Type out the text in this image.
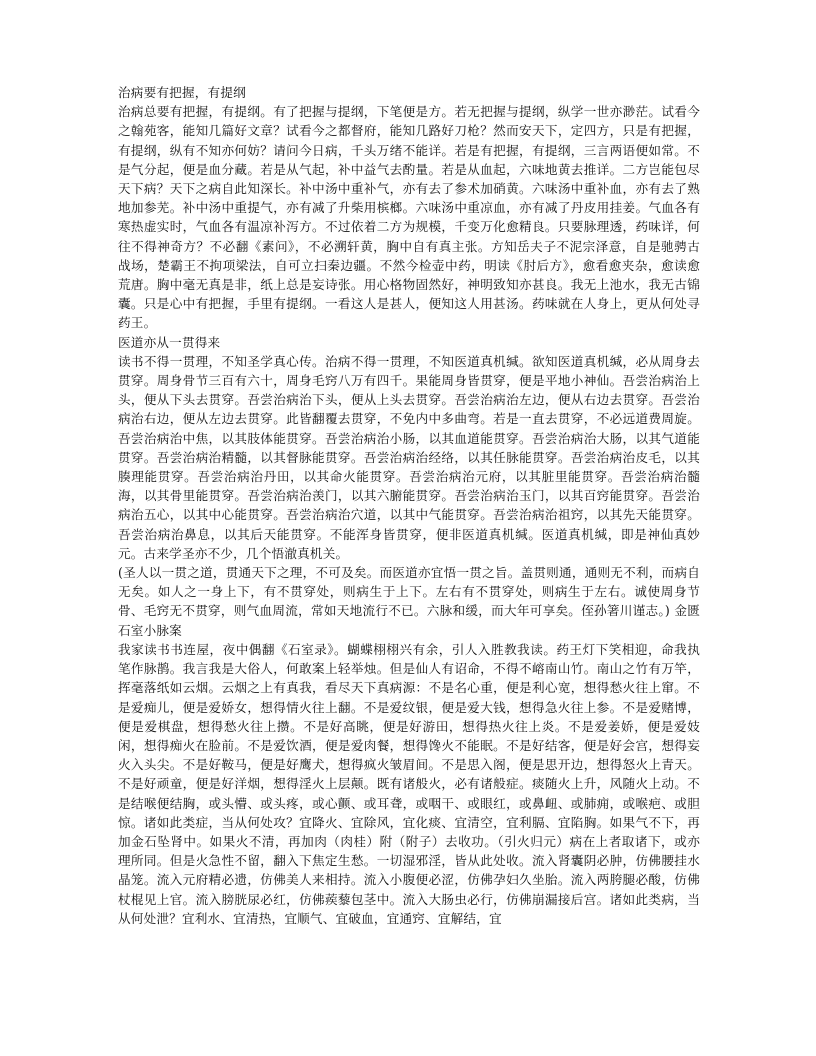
治病要有把握，有提纲

治病总要有把握，有提纲。有了把握与提纲，下笔便是方。若无把握与提纲，纵学一世亦渺茫。试看今之翰苑客，能知几篇好文章？试看今之都督府，能知几路好刀枪？然而安天下，定四方，只是有把握，有提纲，纵有不知亦何妨？请问今日病，千头万绪不能详。若是有把握，有提纲，三言两语便如常。不是气分起，便是血分藏。若是从气起，补中益气去酌量。若是从血起，六味地黄去推详。二方岂能包尽天下病？天下之病自此知深长。补中汤中重补气，亦有去了参术加硝黄。六味汤中重补血，亦有去了熟地加参芜。补中汤中重提气，亦有减了升柴用槟榔。六味汤中重凉血，亦有减了丹皮用挂姜。气血各有寒热虚实时，气血各有温凉补泻方。不过依着二方为规模，千变万化愈精良。只要脉理透，药味详，何往不得神奇方？不必翻《素问》，不必溯轩黄，胸中自有真主张。方知岳夫子不泥宗泽意，自是驰骋古战场，楚霸王不拘项梁法，自可立扫秦边疆。不然今检壶中药，明读《肘后方》，愈看愈夹杂，愈读愈荒唐。胸中毫无真是非，纸上总是妄诗张。用心格物固然好，神明致知亦甚良。我无上池水，我无古锦囊。只是心中有把握，手里有提纲。一看这人是甚人，便知这人用甚汤。药味就在人身上，更从何处寻药王。

医道亦从一贯得来

读书不得一贯理，不知圣学真心传。治病不得一贯理，不知医道真机缄。欲知医道真机缄，必从周身去贯穿。周身骨节三百有六十，周身毛窍八万有四千。果能周身皆贯穿，便是平地小神仙。吾尝治病治上头，便从下头去贯穿。吾尝治病治下头，便从上头去贯穿。吾尝治病治左边，便从右边去贯穿。吾尝治病治右边，便从左边去贯穿。此皆翻覆去贯穿，不免内中多曲弯。若是一直去贯穿，不必远道费周旋。吾尝治病治中焦，以其肢体能贯穿。吾尝治病治小肠，以其血道能贯穿。吾尝治病治大肠，以其气道能贯穿。吾尝治病治精髓，以其督脉能贯穿。吾尝治病治经络，以其任脉能贯穿。吾尝治病治皮毛，以其腠理能贯穿。吾尝治病治丹田，以其命火能贯穿。吾尝治病治元府，以其脏里能贯穿。吾尝治病治髓海，以其骨里能贯穿。吾尝治病治羡门，以其六腑能贯穿。吾尝治病治玉门，以其百窍能贯穿。吾尝治病治五心，以其中心能贯穿。吾尝治病治穴道，以其中气能贯穿。吾尝治病治祖窍，以其先天能贯穿。吾尝治病治鼻息，以其后天能贯穿。不能浑身皆贯穿，便非医道真机缄。医道真机缄，即是神仙真妙元。古来学圣亦不少，几个悟澈真机关。

(圣人以一贯之道，贯通天下之理，不可及矣。而医道亦宜悟一贯之旨。盖贯则通，通则无不利，而病自无矣。如人之一身上下，有不贯穿处，则病生于上下。左右有不贯穿处，则病生于左右。诚使周身节骨、毛窍无不贯穿，则气血周流，常如天地流行不已。六脉和缓，而大年可享矣。侄孙箸川谨志。) 金匮石室小脉案

我家读书书连屋，夜中偶翻《石室录》。蝴蝶栩栩兴有余，引人入胜教我读。药王灯下笑相迎，命我执笔作脉鹊。我言我是大俗人，何敢案上轻举烛。但是仙人有诏命，不得不嵱南山竹。南山之竹有万竿，挥毫落纸如云烟。云烟之上有真我，看尽天下真病源：不是名心重，便是利心宽，想得愁火往上窜。不是爱痴儿，便是爱娇女，想得情火往上翻。不是爱纹银，便是爱大钱，想得急火往上参。不是爱赌博，便是爱棋盘，想得愁火往上攒。不是好高眺，便是好游田，想得热火往上炎。不是爱姜娇，便是爱妓闲，想得痴火在脸前。不是爱饮酒，便是爱肉餐，想得馋火不能眠。不是好结客，便是好会宫，想得妄火入头尖。不是好鞍马，便是好鹰犬，想得疯火皱眉间。不是思入阁，便是思开边，想得怒火上青天。不是好顽童，便是好洋烟，想得淫火上层颠。既有诸般火，必有诸般症。痰随火上升，风随火上动。不是结喉便结胸，或头懵、或头疼，或心颤、或耳聋，或咽干、或眼红，或鼻衄、或肺痈，或喉疤、或胆惊。诸如此类症，当从何处攻？宜降火、宜除风，宜化痰、宜清空，宜利膈、宜陷胸。如果气不下，再加金石坠肾中。如果火不清，再加肉（肉桂）附（附子）去收功。（引火归元）病在上者取诸下，或亦理所同。但是火急性不留，翻入下焦定生愁。一切湿邪淫，皆从此处收。流入肾囊阴必肿，仿佛腰挂水晶笼。流入元府精必遗，仿佛美人来相持。流入小腹便必涩，仿佛孕妇久坐胎。流入两胯腿必酸，仿佛杖棍见上官。流入膀胱尿必红，仿佛蒺藜包茎中。流入大肠虫必行，仿佛崩漏接后宫。诸如此类病，当从何处泄？宜利水、宜清热，宜顺气、宜破血，宜通窍、宜解结，宜
